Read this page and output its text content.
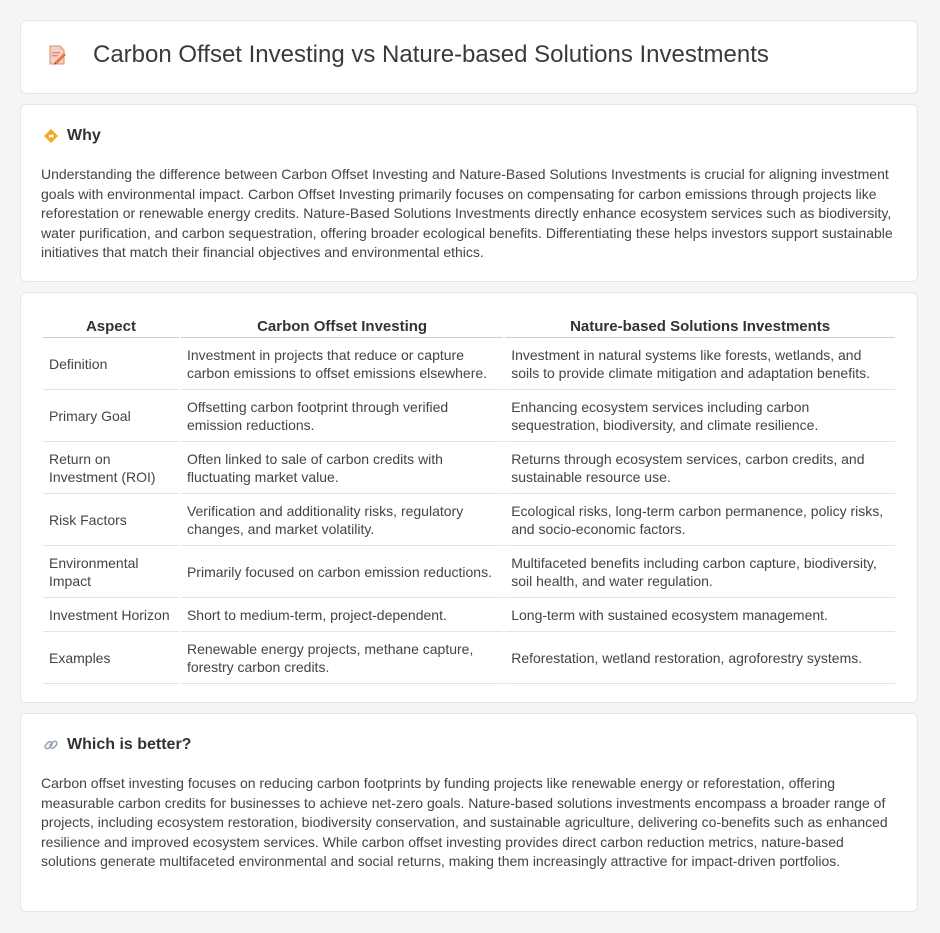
Carbon Offset Investing vs Nature-based Solutions Investments
Why

Understanding the difference between Carbon Offset Investing and Nature-Based Solutions Investments is crucial for aligning investment goals with environmental impact. Carbon Offset Investing primarily focuses on compensating for carbon emissions through projects like reforestation or renewable energy credits. Nature-Based Solutions Investments directly enhance ecosystem services such as biodiversity, water purification, and carbon sequestration, offering broader ecological benefits. Differentiating these helps investors support sustainable initiatives that match their financial objectives and environmental ethics.

Aspect	Carbon Offset Investing	Nature-based Solutions Investments
Definition	Investment in projects that reduce or capture carbon emissions to offset emissions elsewhere.	Investment in natural systems like forests, wetlands, and soils to provide climate mitigation and adaptation benefits.
Primary Goal	Offsetting carbon footprint through verified emission reductions.	Enhancing ecosystem services including carbon sequestration, biodiversity, and climate resilience.
Return on Investment (ROI)	Often linked to sale of carbon credits with fluctuating market value.	Returns through ecosystem services, carbon credits, and sustainable resource use.
Risk Factors	Verification and additionality risks, regulatory changes, and market volatility.	Ecological risks, long-term carbon permanence, policy risks, and socio-economic factors.
Environmental Impact	Primarily focused on carbon emission reductions.	Multifaceted benefits including carbon capture, biodiversity, soil health, and water regulation.
Investment Horizon	Short to medium-term, project-dependent.	Long-term with sustained ecosystem management.
Examples	Renewable energy projects, methane capture, forestry carbon credits.	Reforestation, wetland restoration, agroforestry systems.
Which is better?

Carbon offset investing focuses on reducing carbon footprints by funding projects like renewable energy or reforestation, offering measurable carbon credits for businesses to achieve net-zero goals. Nature-based solutions investments encompass a broader range of projects, including ecosystem restoration, biodiversity conservation, and sustainable agriculture, delivering co-benefits such as enhanced resilience and improved ecosystem services. While carbon offset investing provides direct carbon reduction metrics, nature-based solutions generate multifaceted environmental and social returns, making them increasingly attractive for impact-driven portfolios.
